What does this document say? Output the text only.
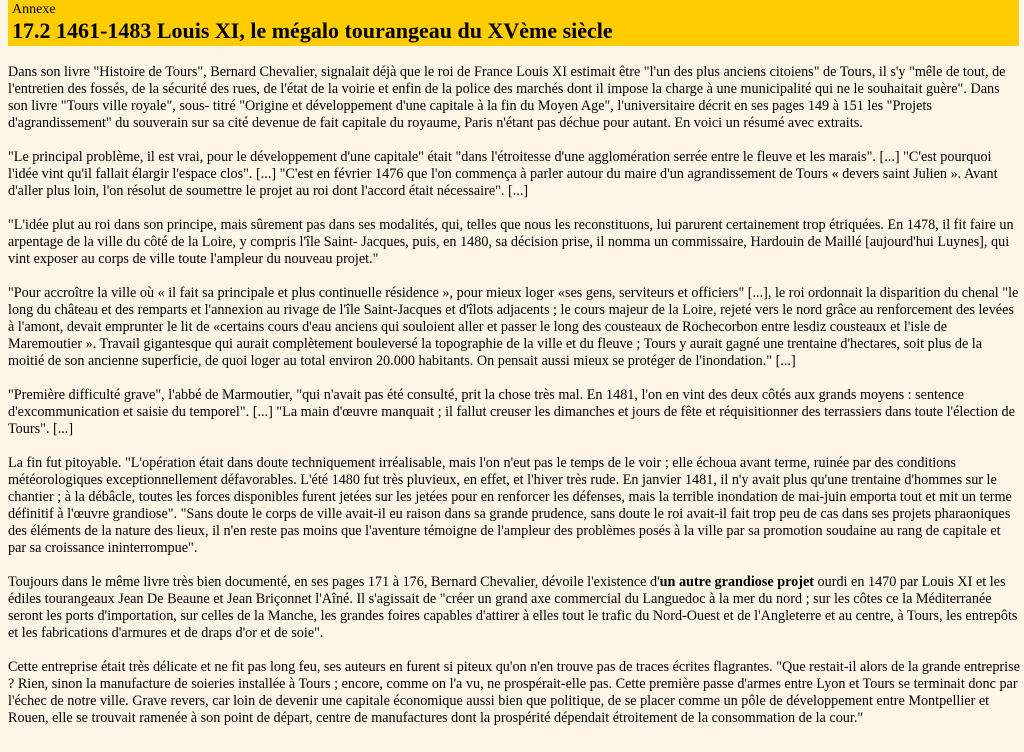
Annexe
17.2 1461-1483 Louis XI, le mégalo tourangeau du XVème siècle

Dans son livre "Histoire de Tours", Bernard Chevalier, signalait déjà que le roi de France Louis XI estimait être "l'un des plus anciens citoiens" de Tours, il s'y "mêle de tout, de l'entretien des fossés, de la sécurité des rues, de l'état de la voirie et enfin de la police des marchés dont il impose la charge à une municipalité qui ne le souhaitait guère". Dans son livre "Tours ville royale", sous- titré "Origine et développement d'une capitale à la fin du Moyen Age", l'universitaire décrit en ses pages 149 à 151 les "Projets d'agrandissement" du souverain sur sa cité devenue de fait capitale du royaume, Paris n'étant pas déchue pour autant. En voici un résumé avec extraits.

"Le principal problème, il est vrai, pour le développement d'une capitale" était "dans l'étroitesse d'une agglomération serrée entre le fleuve et les marais". [...] "C'est pourquoi l'idée vint qu'il fallait élargir l'espace clos". [...] "C'est en février 1476 que l'on commença à parler autour du maire d'un agrandissement de Tours « devers saint Julien ». Avant d'aller plus loin, l'on résolut de soumettre le projet au roi dont l'accord était nécessaire". [...]

"L'idée plut au roi dans son principe, mais sûrement pas dans ses modalités, qui, telles que nous les reconstituons, lui parurent certainement trop étriquées. En 1478, il fit faire un arpentage de la ville du côté de la Loire, y compris l'île Saint- Jacques, puis, en 1480, sa décision prise, il nomma un commissaire, Hardouin de Maillé [aujourd'hui Luynes], qui vint exposer au corps de ville toute l'ampleur du nouveau projet."

"Pour accroître la ville où « il fait sa principale et plus continuelle résidence », pour mieux loger «ses gens, serviteurs et officiers" [...], le roi ordonnait la disparition du chenal "le long du château et des remparts et l'annexion au rivage de l'île Saint-Jacques et d'îlots adjacents ; le cours majeur de la Loire, rejeté vers le nord grâce au renforcement des levées à l'amont, devait emprunter le lit de «certains cours d'eau anciens qui souloient aller et passer le long des cousteaux de Rochecorbon entre lesdiz cousteaux et l'isle de Maremoutier ». Travail gigantesque qui aurait complètement bouleversé la topographie de la ville et du fleuve ; Tours y aurait gagné une trentaine d'hectares, soit plus de la moitié de son ancienne superficie, de quoi loger au total environ 20.000 habitants. On pensait aussi mieux se protéger de l'inondation." [...]

"Première difficulté grave", l'abbé de Marmoutier, "qui n'avait pas été consulté, prit la chose très mal. En 1481, l'on en vint des deux côtés aux grands moyens : sentence d'excommunication et saisie du temporel". [...] "La main d'œuvre manquait ; il fallut creuser les dimanches et jours de fête et réquisitionner des terrassiers dans toute l'élection de Tours". [...]

La fin fut pitoyable. "L'opération était dans doute techniquement irréalisable, mais l'on n'eut pas le temps de le voir ; elle échoua avant terme, ruinée par des conditions météorologiques exceptionnellement défavorables. L'été 1480 fut très pluvieux, en effet, et l'hiver très rude. En janvier 1481, il n'y avait plus qu'une trentaine d'hommes sur le chantier ; à la débâcle, toutes les forces disponibles furent jetées sur les jetées pour en renforcer les défenses, mais la terrible inondation de mai-juin emporta tout et mit un terme définitif à l'œuvre grandiose". "Sans doute le corps de ville avait-il eu raison dans sa grande prudence, sans doute le roi avait-il fait trop peu de cas dans ses projets pharaoniques des éléments de la nature des lieux, il n'en reste pas moins que l'aventure témoigne de l'ampleur des problèmes posés à la ville par sa promotion soudaine au rang de capitale et par sa croissance ininterrompue".

Toujours dans le même livre très bien documenté, en ses pages 171 à 176, Bernard Chevalier, dévoile l'existence d'un autre grandiose projet ourdi en 1470 par Louis XI et les édiles tourangeaux Jean De Beaune et Jean Briçonnet l'Aîné. Il s'agissait de "créer un grand axe commercial du Languedoc à la mer du nord ; sur les côtes ce la Méditerranée seront les ports d'importation, sur celles de la Manche, les grandes foires capables d'attirer à elles tout le trafic du Nord-Ouest et de l'Angleterre et au centre, à Tours, les entrepôts et les fabrications d'armures et de draps d'or et de soie".

Cette entreprise était très délicate et ne fit pas long feu, ses auteurs en furent si piteux qu'on n'en trouve pas de traces écrites flagrantes. "Que restait-il alors de la grande entreprise ? Rien, sinon la manufacture de soieries installée à Tours ; encore, comme on l'a vu, ne prospérait-elle pas. Cette première passe d'armes entre Lyon et Tours se terminait donc par l'échec de notre ville. Grave revers, car loin de devenir une capitale économique aussi bien que politique, de se placer comme un pôle de développement entre Montpellier et Rouen, elle se trouvait ramenée à son point de départ, centre de manufactures dont la prospérité dépendait étroitement de la consommation de la cour."
